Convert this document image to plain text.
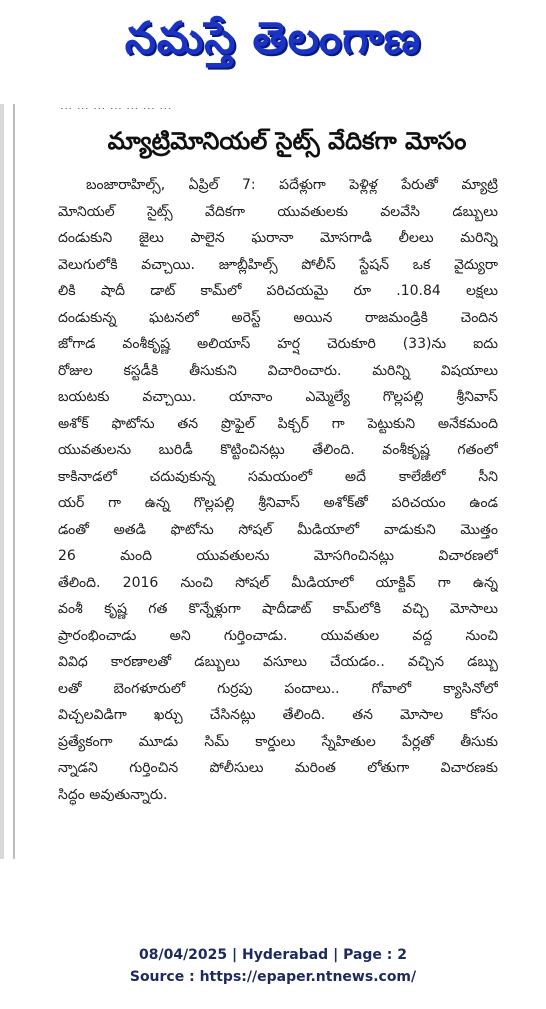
నమస్తే తెలంగాణ
... ... ... ... ... ... ...
మ్యాట్రిమోనియల్ సైట్స్ వేదికగా మోసం
బంజారాహిల్స్, ఏప్రిల్ 7: పదేళ్లుగా పెళ్లిళ్ల పేరుతో మ్యాట్రి
మోనియల్ సైట్స్ వేదికగా యువతులకు వలవేసి డబ్బులు
దండుకుని జైలు పాలైన ఘరానా మోసగాడి లీలలు మరిన్ని
వెలుగులోకి వచ్చాయి. జూబ్లీహిల్స్ పోలీస్ స్టేషన్ ఒక వైద్యురా
లికి షాదీ డాట్ కామ్‌లో పరిచయమై రూ .10.84 లక్షలు
దండుకున్న ఘటనలో అరెస్ట్ అయిన రాజమండ్రికి చెందిన
జోగాడ వంశీకృష్ణ అలియాస్ హర్ష చెరుకూరి (33)ను ఐదు
రోజుల కస్టడీకి తీసుకుని విచారించారు. మరిన్ని విషయాలు
బయటకు వచ్చాయి. యానాం ఎమ్మెల్యే గొల్లపల్లి శ్రీనివాస్
అశోక్ ఫొటోను తన ప్రొఫైల్ పిక్చర్ గా పెట్టుకుని అనేకమంది
యువతులను బురిడీ కొట్టించినట్లు తేలింది. వంశీకృష్ణ గతంలో
కాకినాడలో చదువుకున్న సమయంలో అదే కాలేజీలో సీని
యర్ గా ఉన్న గొల్లపల్లి శ్రీనివాస్ అశోక్‌తో పరిచయం ఉండ
డంతో అతడి ఫొటోను సోషల్ మీడియాలో వాడుకుని మొత్తం
26 మంది యువతులను మోసగించినట్లు విచారణలో
తేలింది. 2016 నుంచి సోషల్ మీడియాలో యాక్టివ్ గా ఉన్న
వంశీ కృష్ణ గత కొన్నేళ్లుగా షాదీడాట్ కామ్‌లోకి వచ్చి మోసాలు
ప్రారంభించాడు అని గుర్తించాడు. యువతుల వద్ద నుంచి
వివిధ కారణాలతో డబ్బులు వసూలు చేయడం.. వచ్చిన డబ్బు
లతో బెంగళూరులో గుర్రపు పందాలు.. గోవాలో క్యాసినోలో
విచ్చలవిడిగా ఖర్చు చేసినట్లు తేలింది. తన మోసాల కోసం
ప్రత్యేకంగా మూడు సిమ్ కార్డులు స్నేహితుల పేర్లతో తీసుకు
న్నాడని గుర్తించిన పోలీసులు మరింత లోతుగా విచారణకు
సిద్ధం అవుతున్నారు.
08/04/2025 | Hyderabad | Page : 2
Source : https://epaper.ntnews.com/
